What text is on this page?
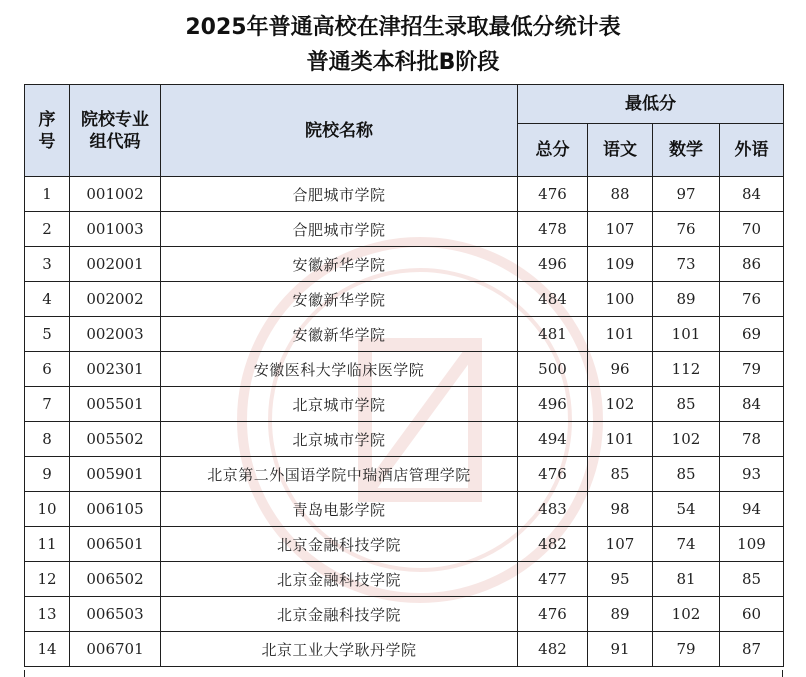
2025年普通高校在津招生录取最低分统计表
普通类本科批B阶段
序号	院校专业组代码	院校名称	最低分			
			总分	语文	数学	外语
1	001002	合肥城市学院	476	88	97	84
2	001003	合肥城市学院	478	107	76	70
3	002001	安徽新华学院	496	109	73	86
4	002002	安徽新华学院	484	100	89	76
5	002003	安徽新华学院	481	101	101	69
6	002301	安徽医科大学临床医学院	500	96	112	79
7	005501	北京城市学院	496	102	85	84
8	005502	北京城市学院	494	101	102	78
9	005901	北京第二外国语学院中瑞酒店管理学院	476	85	85	93
10	006105	青岛电影学院	483	98	54	94
11	006501	北京金融科技学院	482	107	74	109
12	006502	北京金融科技学院	477	95	81	85
13	006503	北京金融科技学院	476	89	102	60
14	006701	北京工业大学耿丹学院	482	91	79	87
